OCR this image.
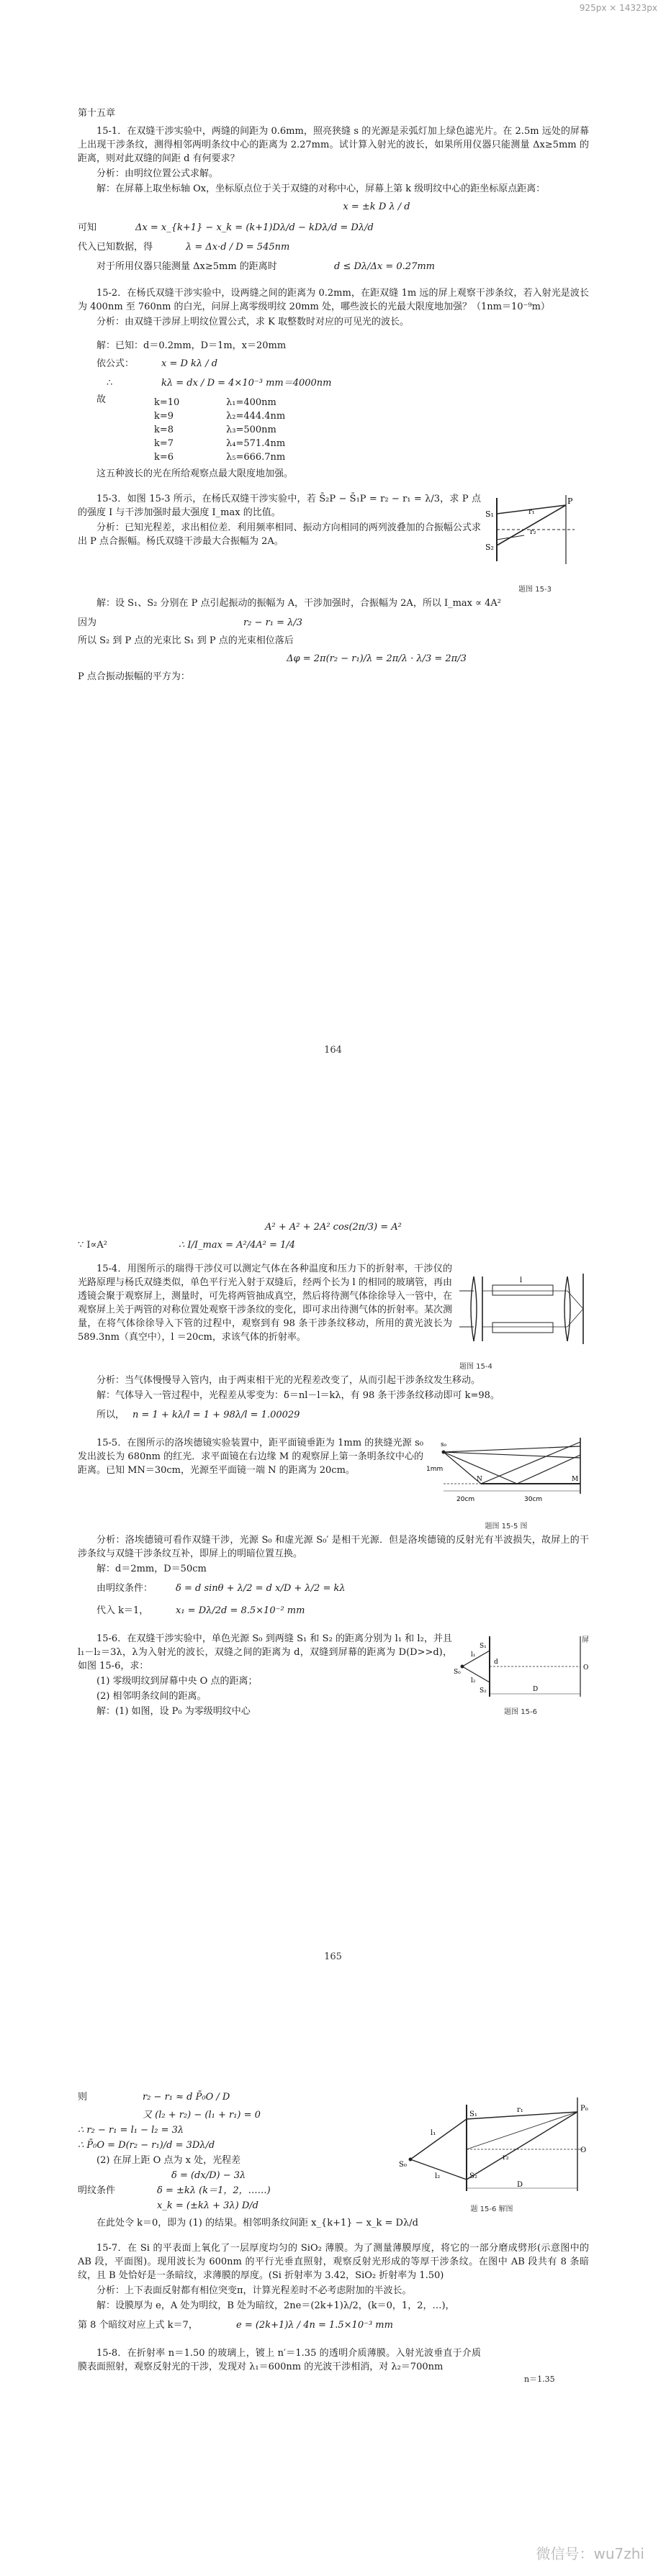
925px × 14323px

第十五章

15-1．在双缝干涉实验中，两缝的间距为 0.6mm，照亮狭缝 s 的光源是汞弧灯加上绿色滤光片。在 2.5m 远处的屏幕上出现干涉条纹，测得相邻两明条纹中心的距离为 2.27mm。试计算入射光的波长，如果所用仪器只能测量 Δx≥5mm 的距离，则对此双缝的间距 d 有何要求？

分析：由明纹位置公式求解。

解：在屏幕上取坐标轴 Ox，坐标原点位于关于双缝的对称中心，屏幕上第 k 级明纹中心的距坐标原点距离：

x = ±k D λ / d
可知	Δx = x_{k+1} − x_k = (k+1)Dλ/d − kDλ/d = Dλ/d
代入已知数据，得	λ = Δx·d / D = 545nm
对于所用仪器只能测量 Δx≥5mm 的距离时	d ≤ Dλ/Δx = 0.27mm

15-2．在杨氏双缝干涉实验中，设两缝之间的距离为 0.2mm，在距双缝 1m 远的屏上观察干涉条纹，若入射光是波长为 400nm 至 760nm 的白光，问屏上离零级明纹 20mm 处，哪些波长的光最大限度地加强？（1nm＝10⁻⁹m）

分析：由双缝干涉屏上明纹位置公式，求 K 取整数时对应的可见光的波长。

解：已知：d＝0.2mm，D＝1m，x＝20mm

依公式：	x = D kλ / d
∴	kλ = dx / D = 4×10⁻³ mm＝4000nm
故	k=10	λ₁=400nm
k=9	λ₂=444.4nm
k=8	λ₃=500nm
k=7	λ₄=571.4nm
k=6	λ₅=666.7nm

这五种波长的光在所给观察点最大限度地加强。

15-3．如图 15-3 所示，在杨氏双缝干涉实验中，若 S̄₂P − S̄₁P = r₂ − r₁ = λ/3，求 P 点的强度 I 与干涉加强时最大强度 I_max 的比值。

分析：已知光程差，求出相位差．利用频率相同、振动方向相同的两列波叠加的合振幅公式求出 P 点合振幅。杨氏双缝干涉最大合振幅为 2A。

S₁
S₂
P
r₁
r₂
题图 15-3

解：设 S₁、S₂ 分别在 P 点引起振动的振幅为 A，干涉加强时，合振幅为 2A，所以 I_max ∝ 4A²

因为	r₂ − r₁ = λ/3

所以 S₂ 到 P 点的光束比 S₁ 到 P 点的光束相位落后

Δφ = 2π(r₂ − r₁)/λ = 2π/λ · λ/3 = 2π/3

P 点合振动振幅的平方为：

164
A² + A² + 2A² cos(2π/3) = A²
∵ I∝A²	∴ I/I_max = A²/4A² = 1/4

15-4．用图所示的瑞得干涉仪可以测定气体在各种温度和压力下的折射率，干涉仪的光路原理与杨氏双缝类似，单色平行光入射于双缝后，经两个长为 l 的相同的玻璃管，再由透镜会聚于观察屏上，测量时，可先将两管抽成真空，然后将待测气体徐徐导入一管中，在观察屏上关于两管的对称位置处观察干涉条纹的变化，即可求出待测气体的折射率。某次测量，在将气体徐徐导入下管的过程中，观察到有 98 条干涉条纹移动，所用的黄光波长为 589.3nm（真空中），l ＝20cm，求该气体的折射率。

l
题图 15-4

分析：当气体慢慢导入管内，由于两束相干光的光程差改变了，从而引起干涉条纹发生移动。

解：气体导入一管过程中，光程差从零变为：δ＝nl－l＝kλ，有 98 条干涉条纹移动即可 k=98。

所以， n = 1 + kλ/l = 1 + 98λ/l = 1.00029

15-5．在图所示的洛埃德镜实验装置中，距平面镜垂距为 1mm 的狭缝光源 s₀ 发出波长为 680nm 的红光．求平面镜在右边缘 M 的观察屏上第一条明条纹中心的距离。已知 MN＝30cm，光源至平面镜一端 N 的距离为 20cm。	1mm
20cm	30cm
s₀
N	M
题图 15-5 图

分析：洛埃德镜可看作双缝干涉，光源 S₀ 和虚光源 S₀′ 是相干光源．但是洛埃德镜的反射光有半波损失，故屏上的干涉条纹与双缝干涉条纹互补，即屏上的明暗位置互换。

解：d＝2mm，D＝50cm

由明纹条件：	δ = d sinθ + λ/2 = d x/D + λ/2 = kλ
代入 k＝1，	x₁ = Dλ/2d = 8.5×10⁻² mm

15-6．在双缝干涉实验中，单色光源 S₀ 到两缝 S₁ 和 S₂ 的距离分别为 l₁ 和 l₂，并且 l₁－l₂＝3λ，λ为入射光的波长，双缝之间的距离为 d，双缝到屏幕的距离为 D(D>>d)，如图 15-6，求：

(1) 零级明纹到屏幕中央 O 点的距离；

(2) 相邻明条纹间的距离。

解：(1) 如图，设 P₀ 为零级明纹中心

S₀
S₁
S₂
l₁
l₂
d
D
O
屏
题图 15-6
165
则	r₂ − r₁ ≈ d P̄₀O / D
又 (l₂ + r₂) − (l₁ + r₁) = 0
∴ r₂ − r₁ = l₁ − l₂ = 3λ
∴ P̄₀O = D(r₂ − r₁)/d = 3Dλ/d

(2) 在屏上距 O 点为 x 处，光程差

δ = (dx/D) − 3λ
明纹条件	δ = ±kλ (k＝1，2，……)
x_k = (±kλ + 3λ) D/d
S₀
S₁
S₂
l₁
l₂
r₁
r₂
P₀
O
D
题 15-6 解图

在此处令 k＝0，即为 (1) 的结果。相邻明条纹间距 x_{k+1} − x_k = Dλ/d

15-7．在 Si 的平表面上氧化了一层厚度均匀的 SiO₂ 薄膜。为了测量薄膜厚度，将它的一部分磨成劈形(示意图中的 AB 段，平面图)。现用波长为 600nm 的平行光垂直照射，观察反射光形成的等厚干涉条纹。在图中 AB 段共有 8 条暗纹，且 B 处恰好是一条暗纹，求薄膜的厚度。(Si 折射率为 3.42，SiO₂ 折射率为 1.50)

分析：上下表面反射都有相位突变π，计算光程差时不必考虑附加的半波长。

解：设膜厚为 e，A 处为明纹，B 处为暗纹，2ne＝(2k+1)λ/2，(k＝0，1，2，…)，

第 8 个暗纹对应上式 k＝7，	e = (2k+1)λ / 4n = 1.5×10⁻³ mm

15-8．在折射率 n＝1.50 的玻璃上，镀上 n′＝1.35 的透明介质薄膜。入射光波垂直于介质膜表面照射，观察反射光的干涉，发现对 λ₁＝600nm 的光波干涉相消，对 λ₂＝700nm

n＝1.35
微信号：wu7zhi
